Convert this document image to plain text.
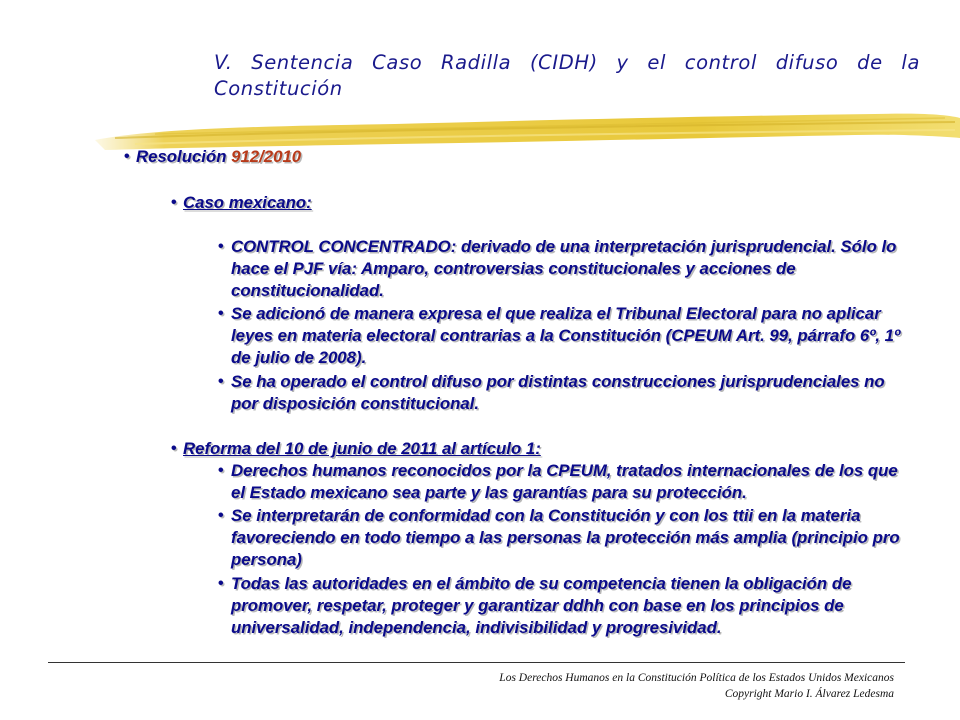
V. Sentencia Caso Radilla (CIDH) y el control difuso de la Constitución
• Resolución 912/2010
• Caso mexicano:
• CONTROL CONCENTRADO: derivado de una interpretación jurisprudencial. Sólo lo hace el PJF vía: Amparo, controversias constitucionales y acciones de constitucionalidad.
• Se adicionó de manera expresa el que realiza el Tribunal Electoral para no aplicar leyes en materia electoral contrarias a la Constitución (CPEUM Art. 99, párrafo 6º, 1º de julio de 2008).
• Se ha operado el control difuso por distintas construcciones jurisprudenciales no por disposición constitucional.
• Reforma del 10 de junio de 2011 al artículo 1:
• Derechos humanos reconocidos por la CPEUM, tratados internacionales de los que el Estado mexicano sea parte y las garantías para su protección.
• Se interpretarán de conformidad con la Constitución y con los ttii en la materia favoreciendo en todo tiempo a las personas la protección más amplia (principio pro persona)
• Todas las autoridades en el ámbito de su competencia tienen la obligación de promover, respetar, proteger y garantizar ddhh con base en los principios de universalidad, independencia, indivisibilidad y progresividad.
Los Derechos Humanos en la Constitución Política de los Estados Unidos Mexicanos
Copyright Mario I. Álvarez Ledesma
